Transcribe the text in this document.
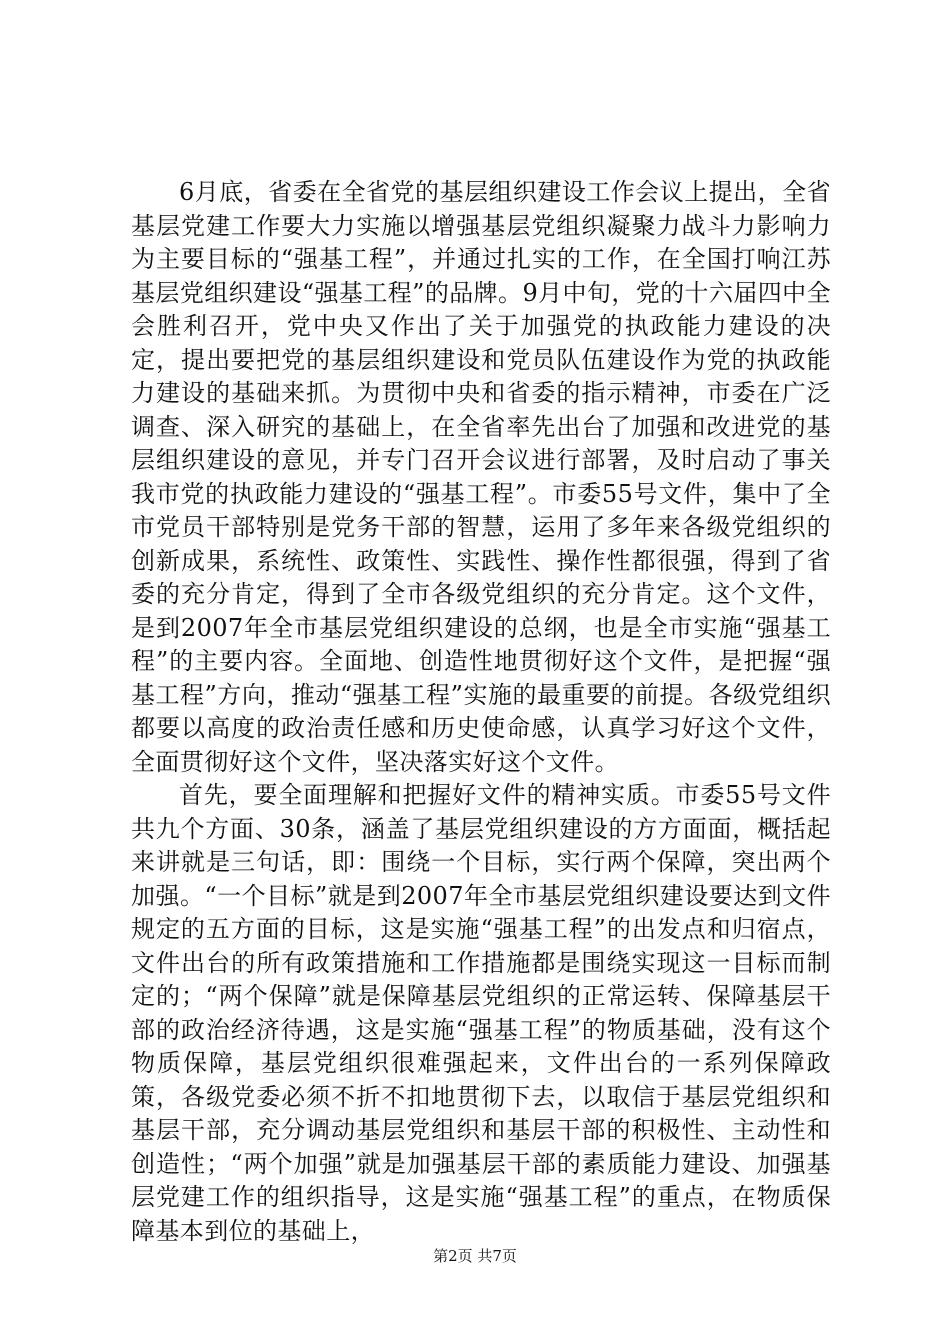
6月底，省委在全省党的基层组织建设工作会议上提出，全省基层党建工作要大力实施以增强基层党组织凝聚力战斗力影响力为主要目标的“强基工程”，并通过扎实的工作，在全国打响江苏基层党组织建设“强基工程”的品牌。9月中旬，党的十六届四中全会胜利召开，党中央又作出了关于加强党的执政能力建设的决定，提出要把党的基层组织建设和党员队伍建设作为党的执政能力建设的基础来抓。为贯彻中央和省委的指示精神，市委在广泛调查、深入研究的基础上，在全省率先出台了加强和改进党的基层组织建设的意见，并专门召开会议进行部署，及时启动了事关我市党的执政能力建设的“强基工程”。市委55号文件，集中了全市党员干部特别是党务干部的智慧，运用了多年来各级党组织的创新成果，系统性、政策性、实践性、操作性都很强，得到了省委的充分肯定，得到了全市各级党组织的充分肯定。这个文件，是到2007年全市基层党组织建设的总纲，也是全市实施“强基工程”的主要内容。全面地、创造性地贯彻好这个文件，是把握“强基工程”方向，推动“强基工程”实施的最重要的前提。各级党组织都要以高度的政治责任感和历史使命感，认真学习好这个文件，全面贯彻好这个文件，坚决落实好这个文件。

首先，要全面理解和把握好文件的精神实质。市委55号文件共九个方面、30条，涵盖了基层党组织建设的方方面面，概括起来讲就是三句话，即：围绕一个目标，实行两个保障，突出两个加强。“一个目标”就是到2007年全市基层党组织建设要达到文件规定的五方面的目标，这是实施“强基工程”的出发点和归宿点，文件出台的所有政策措施和工作措施都是围绕实现这一目标而制定的；“两个保障”就是保障基层党组织的正常运转、保障基层干部的政治经济待遇，这是实施“强基工程”的物质基础，没有这个物质保障，基层党组织很难强起来，文件出台的一系列保障政策，各级党委必须不折不扣地贯彻下去，以取信于基层党组织和基层干部，充分调动基层党组织和基层干部的积极性、主动性和创造性；“两个加强”就是加强基层干部的素质能力建设、加强基层党建工作的组织指导，这是实施“强基工程”的重点，在物质保障基本到位的基础上，

第2页 共7页
